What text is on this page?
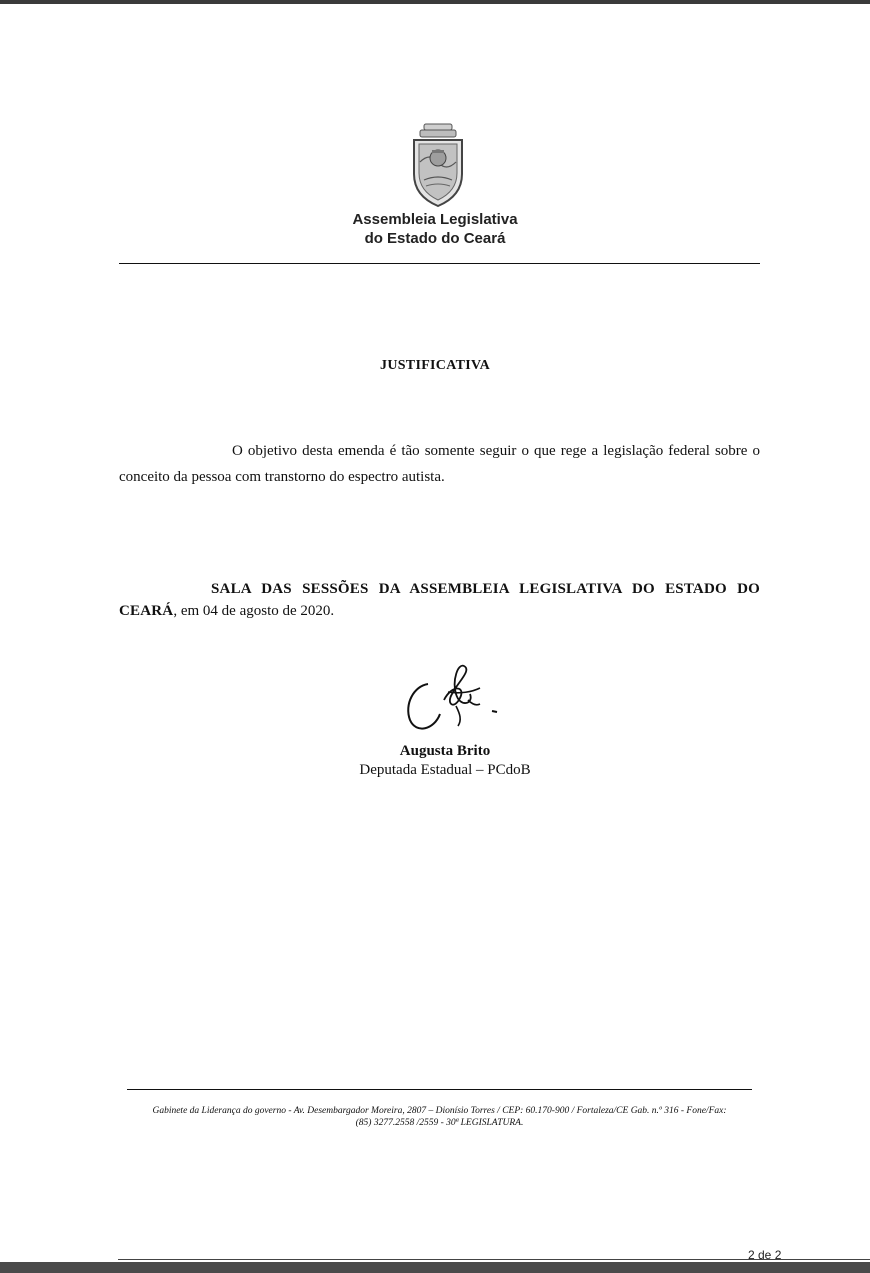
Assembleia Legislativa
do Estado do Ceará
JUSTIFICATIVA
O objetivo desta emenda é tão somente seguir o que rege a legislação federal sobre o conceito da pessoa com transtorno do espectro autista.
SALA DAS SESSÕES DA ASSEMBLEIA LEGISLATIVA DO ESTADO DO CEARÁ, em 04 de agosto de 2020.
Augusta Brito
Deputada Estadual – PCdoB
Gabinete da Liderança do governo - Av. Desembargador Moreira, 2807 – Dionísio Torres / CEP: 60.170-900 / Fortaleza/CE Gab. n.º 316 - Fone/Fax:
(85) 3277.2558 /2559 - 30ª LEGISLATURA.
2 de 2
